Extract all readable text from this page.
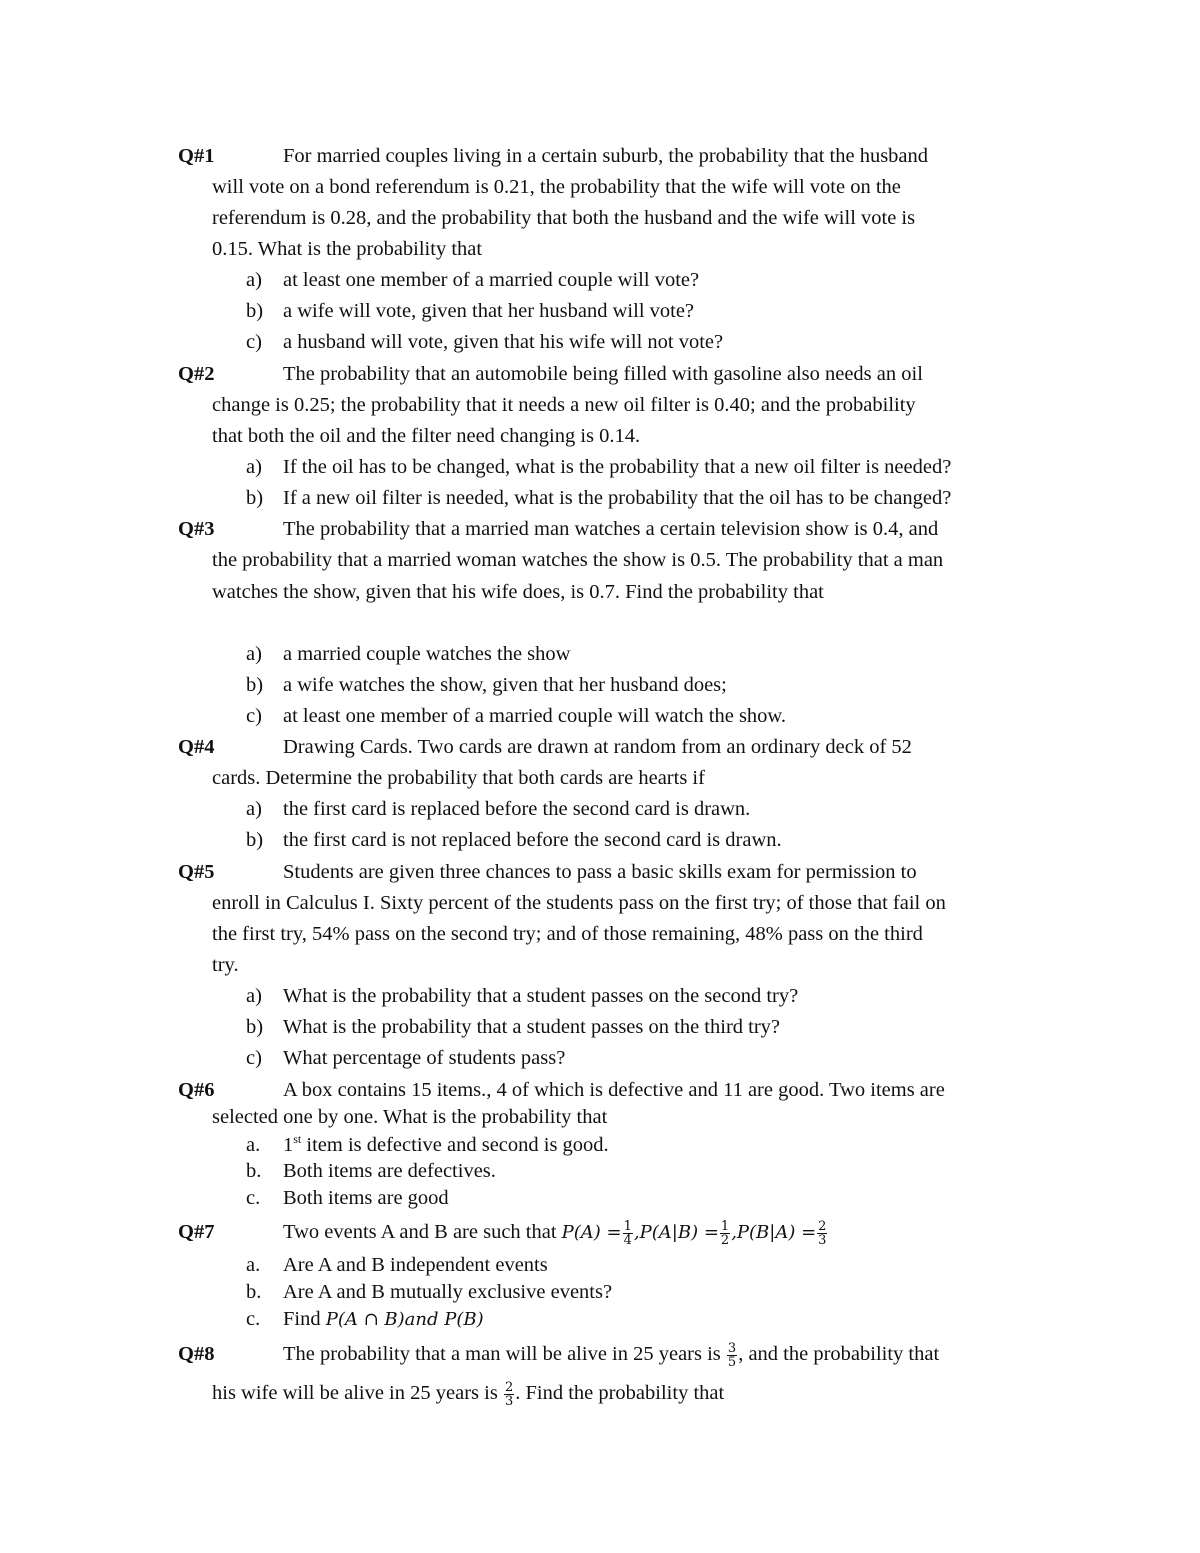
Q#1	For married couples living in a certain suburb, the probability that the husband
will vote on a bond referendum is 0.21, the probability that the wife will vote on the
referendum is 0.28, and the probability that both the husband and the wife will vote is
0.15. What is the probability that
a) at least one member of a married couple will vote?
b) a wife will vote, given that her husband will vote?
c) a husband will vote, given that his wife will not vote?
Q#2	The probability that an automobile being filled with gasoline also needs an oil
change is 0.25; the probability that it needs a new oil filter is 0.40; and the probability
that both the oil and the filter need changing is 0.14.
a) If the oil has to be changed, what is the probability that a new oil filter is needed?
b) If a new oil filter is needed, what is the probability that the oil has to be changed?
Q#3	The probability that a married man watches a certain television show is 0.4, and
the probability that a married woman watches the show is 0.5. The probability that a man
watches the show, given that his wife does, is 0.7. Find the probability that
a) a married couple watches the show
b) a wife watches the show, given that her husband does;
c) at least one member of a married couple will watch the show.
Q#4	Drawing Cards. Two cards are drawn at random from an ordinary deck of 52
cards. Determine the probability that both cards are hearts if
a) the first card is replaced before the second card is drawn.
b) the first card is not replaced before the second card is drawn.
Q#5	Students are given three chances to pass a basic skills exam for permission to
enroll in Calculus I. Sixty percent of the students pass on the first try; of those that fail on
the first try, 54% pass on the second try; and of those remaining, 48% pass on the third
try.
a) What is the probability that a student passes on the second try?
b) What is the probability that a student passes on the third try?
c) What percentage of students pass?
Q#6	A box contains 15 items., 4 of which is defective and 11 are good. Two items are
selected one by one. What is the probability that
a. 1st item is defective and second is good.
b. Both items are defectives.
c. Both items are good
Q#7	Two events A and B are such that $P(A) = \frac{1}{4} ,P(A|B) = \frac{1}{2} ,P(B|A) = \frac{2}{3}$
a. Are A and B independent events
b. Are A and B mutually exclusive events?
c. Find P(A ∩ B)and P(B)
Q#8	The probability that a man will be alive in 25 years is $\frac{3}{5}$ , and the probability that
his wife will be alive in 25 years is $\frac{2}{3}$ . Find the probability that
